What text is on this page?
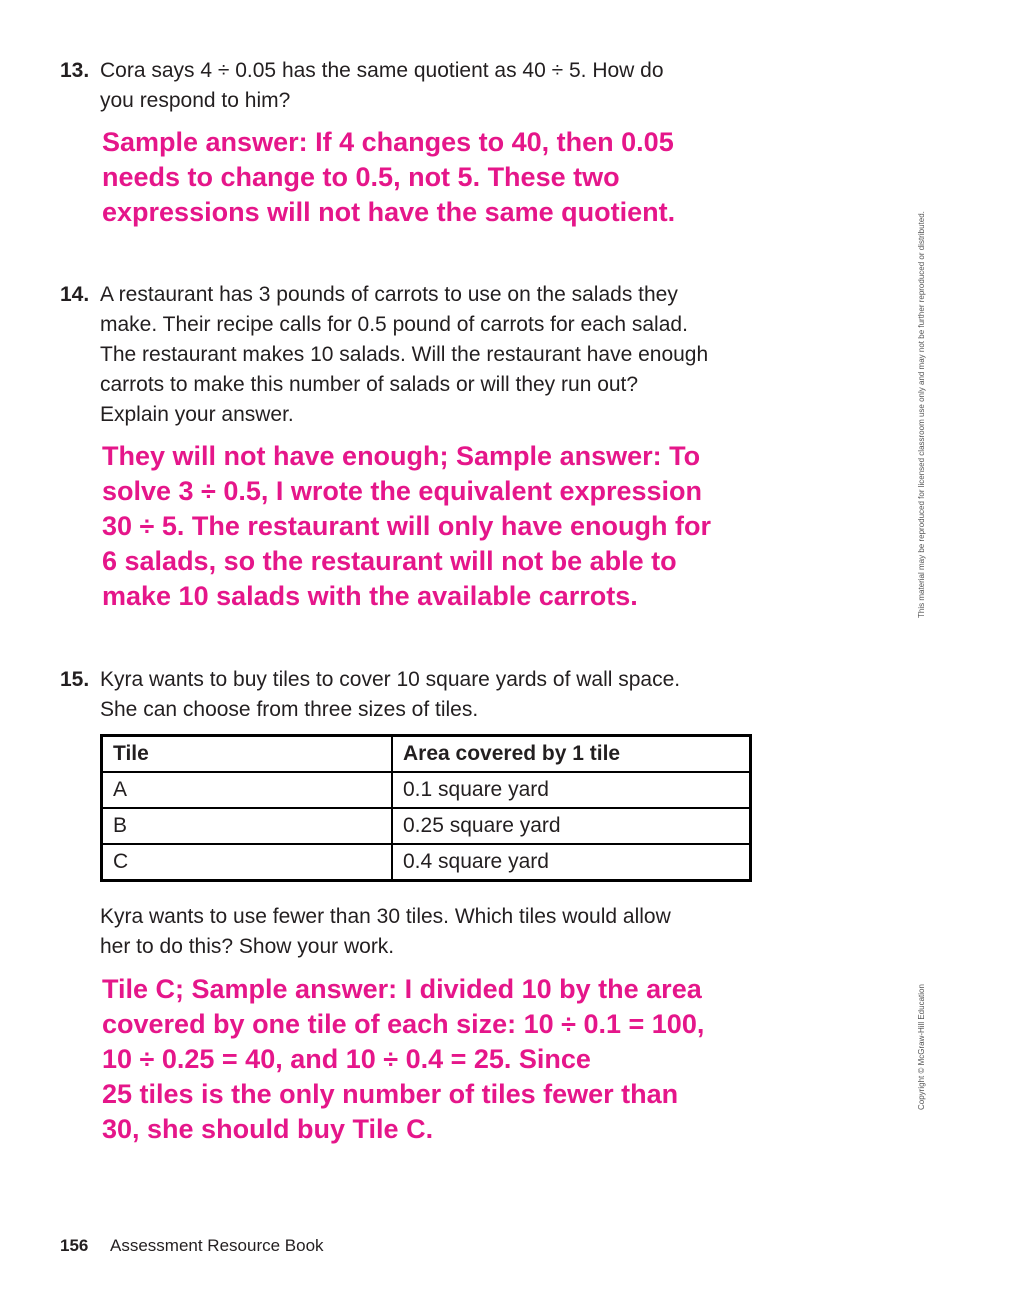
13. Cora says 4 ÷ 0.05 has the same quotient as 40 ÷ 5. How do
you respond to him?

Sample answer: If 4 changes to 40, then 0.05
needs to change to 0.5, not 5. These two
expressions will not have the same quotient.

14. A restaurant has 3 pounds of carrots to use on the salads they
make. Their recipe calls for 0.5 pound of carrots for each salad.
The restaurant makes 10 salads. Will the restaurant have enough
carrots to make this number of salads or will they run out?
Explain your answer.

They will not have enough; Sample answer: To
solve 3 ÷ 0.5, I wrote the equivalent expression
30 ÷ 5. The restaurant will only have enough for
6 salads, so the restaurant will not be able to
make 10 salads with the available carrots.

15. Kyra wants to buy tiles to cover 10 square yards of wall space.
She can choose from three sizes of tiles.

Tile	Area covered by 1 tile
A	0.1 square yard
B	0.25 square yard
C	0.4 square yard

Kyra wants to use fewer than 30 tiles. Which tiles would allow
her to do this? Show your work.

Tile C; Sample answer: I divided 10 by the area
covered by one tile of each size: 10 ÷ 0.1 = 100,
10 ÷ 0.25 = 40, and 10 ÷ 0.4 = 25. Since
25 tiles is the only number of tiles fewer than
30, she should buy Tile C.

This material may be reproduced for licensed classroom use only and may not be further reproduced or distributed.
Copyright © McGraw-Hill Education
156 Assessment Resource Book
